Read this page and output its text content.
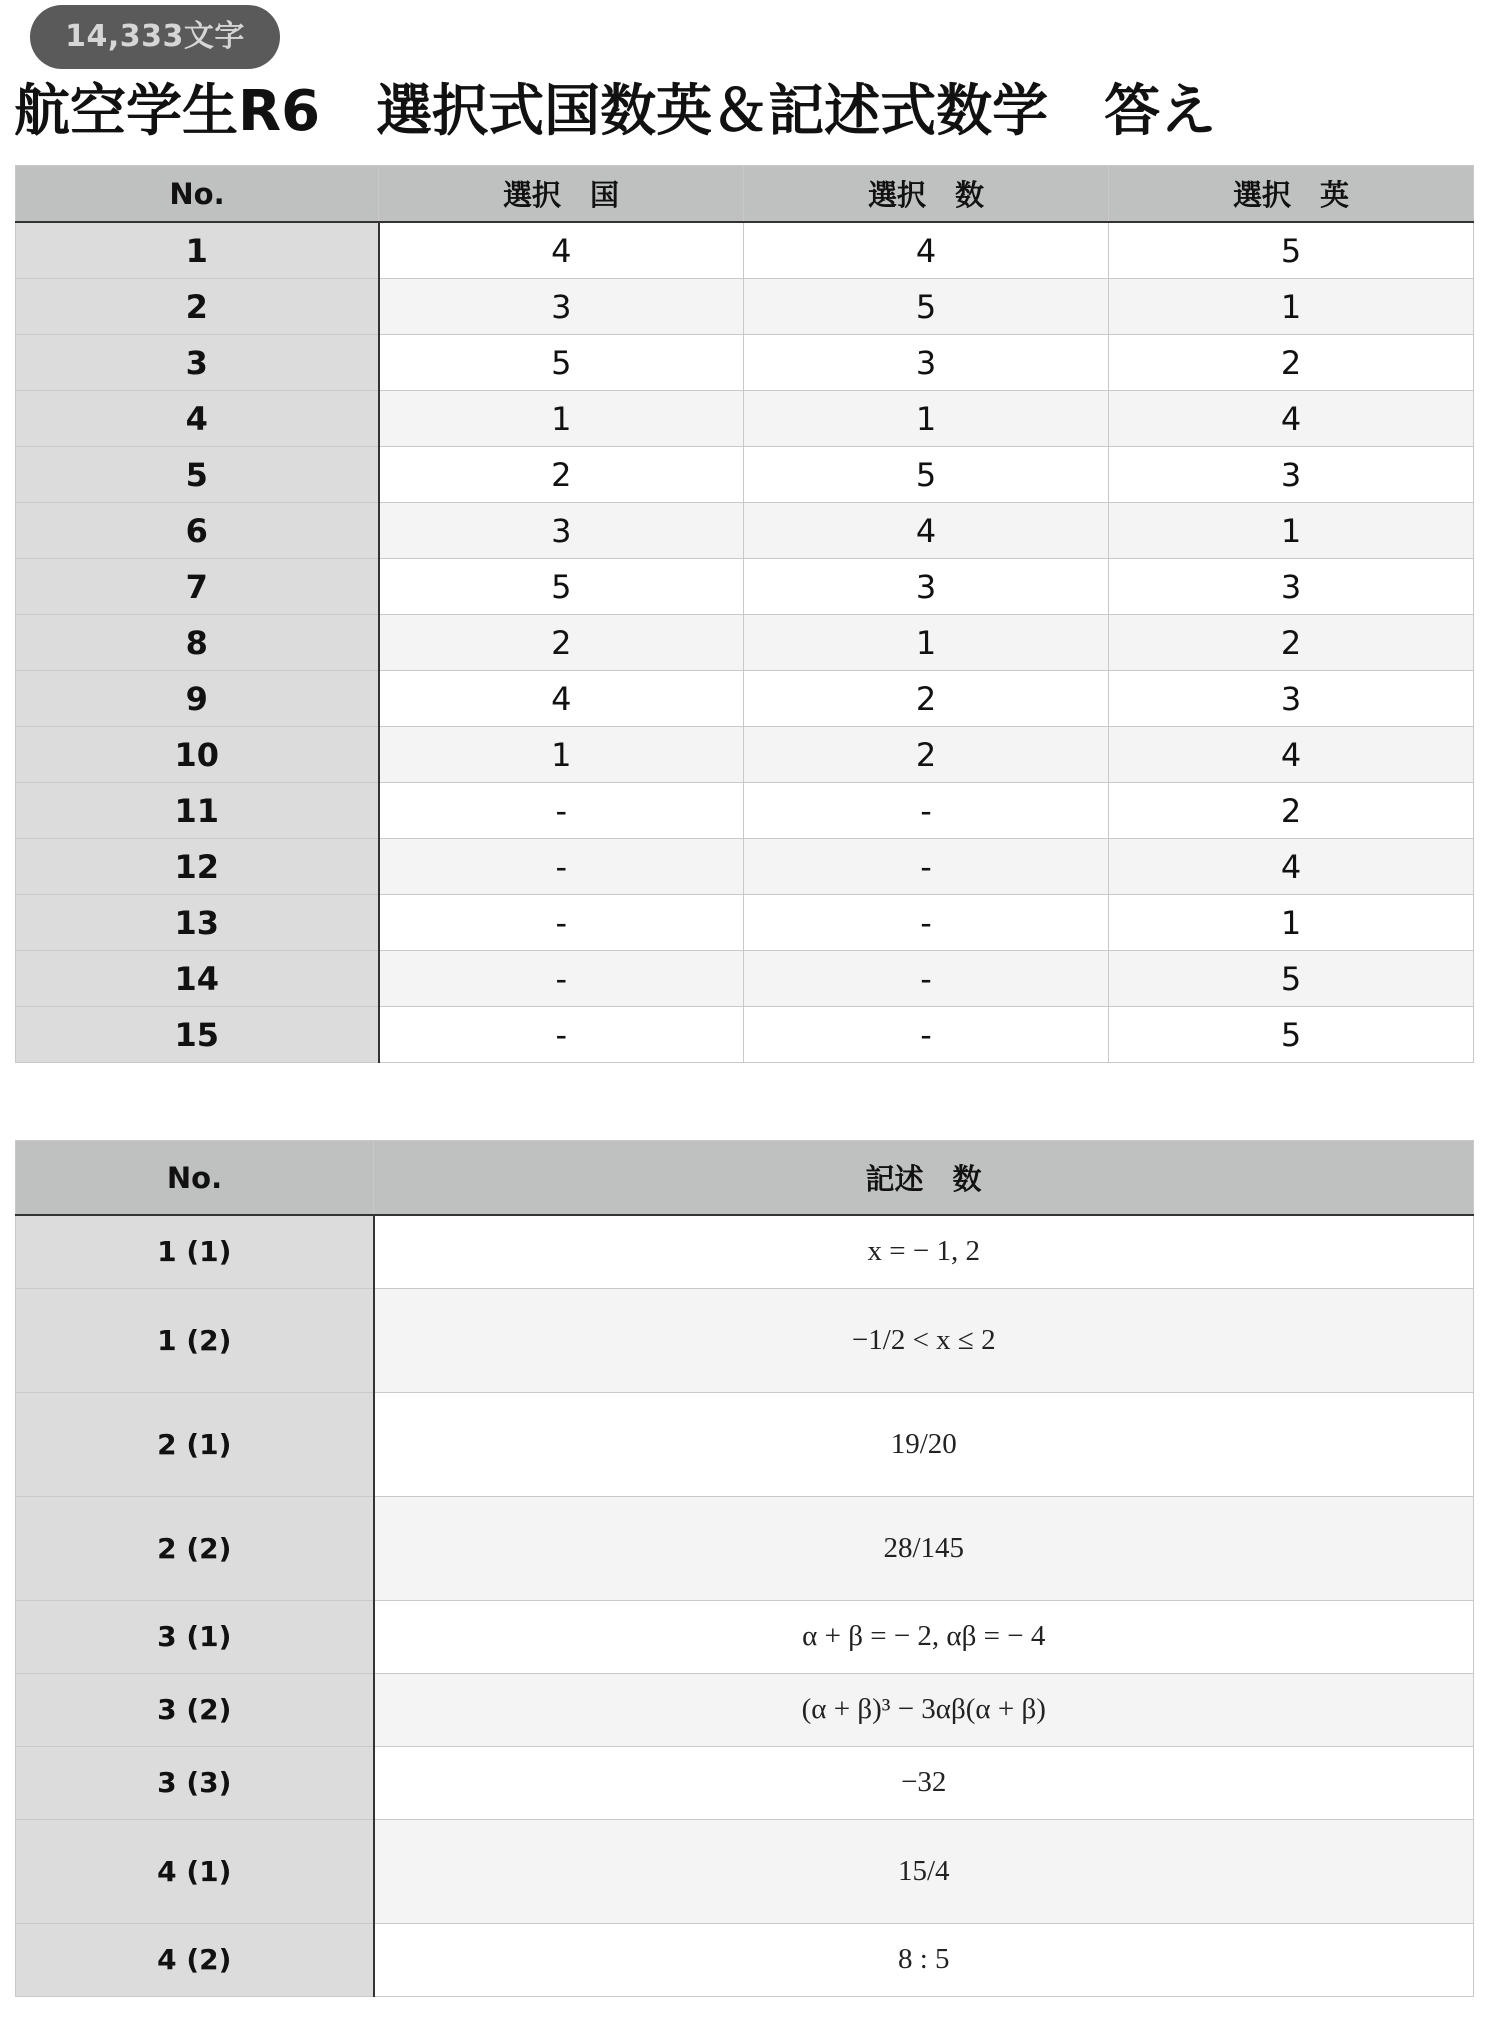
14,333文字
航空学生R6　選択式国数英＆記述式数学　答え
No.	選択　国	選択　数	選択　英
1	4	4	5
2	3	5	1
3	5	3	2
4	1	1	4
5	2	5	3
6	3	4	1
7	5	3	3
8	2	1	2
9	4	2	3
10	1	2	4
11	-	-	2
12	-	-	4
13	-	-	1
14	-	-	5
15	-	-	5
No.	記述　数
1 (1)	x = − 1, 2
1 (2)	−1/2 < x ≤ 2
2 (1)	19/20
2 (2)	28/145
3 (1)	α + β = − 2, αβ = − 4
3 (2)	(α + β)³ − 3αβ(α + β)
3 (3)	−32
4 (1)	15/4
4 (2)	8 : 5
